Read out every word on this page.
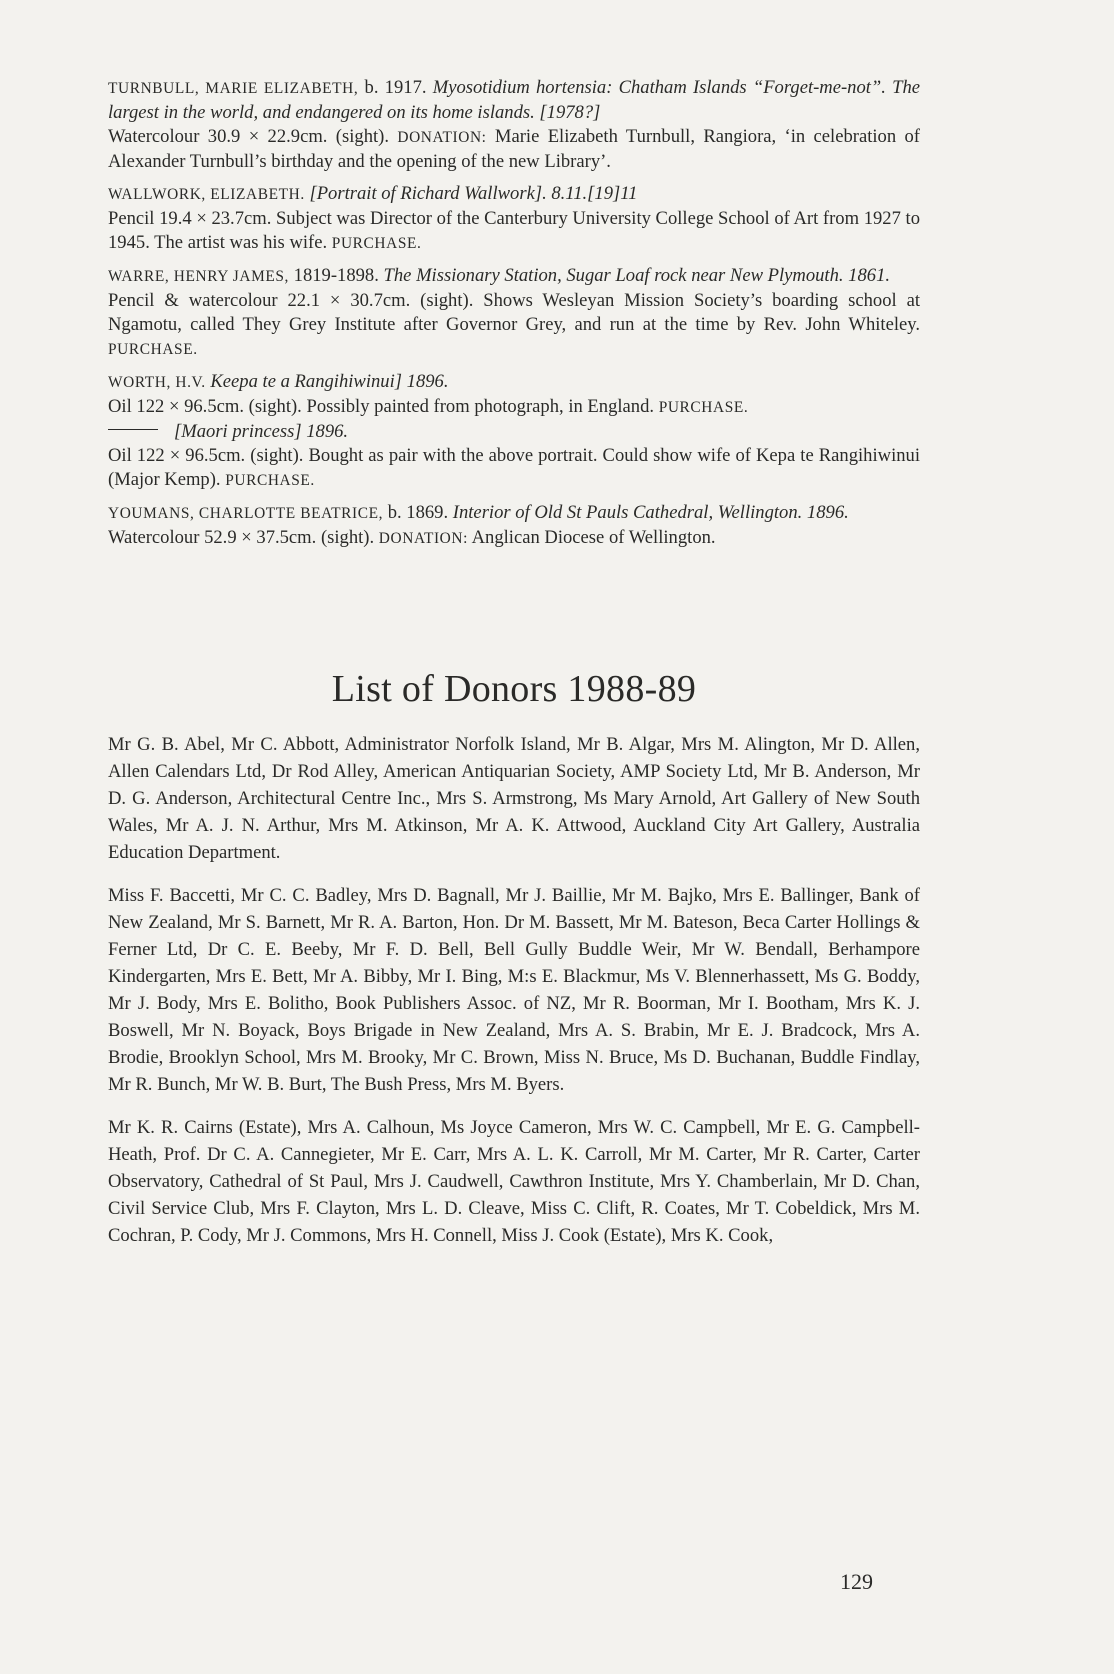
TURNBULL, MARIE ELIZABETH, b. 1917. Myosotidium hortensia: Chatham Islands “Forget-me-not”. The largest in the world, and endangered on its home islands. [1978?]

Watercolour 30.9 × 22.9cm. (sight). DONATION: Marie Elizabeth Turnbull, Rangiora, ‘in celebration of Alexander Turnbull’s birthday and the opening of the new Library’.

WALLWORK, ELIZABETH. [Portrait of Richard Wallwork]. 8.11.[19]11

Pencil 19.4 × 23.7cm. Subject was Director of the Canterbury University College School of Art from 1927 to 1945. The artist was his wife. PURCHASE.

WARRE, HENRY JAMES, 1819-1898. The Missionary Station, Sugar Loaf rock near New Plymouth. 1861.

Pencil & watercolour 22.1 × 30.7cm. (sight). Shows Wesleyan Mission Society’s boarding school at Ngamotu, called They Grey Institute after Governor Grey, and run at the time by Rev. John Whiteley. PURCHASE.

WORTH, H.V. Keepa te a Rangihiwinui] 1896.

Oil 122 × 96.5cm. (sight). Possibly painted from photograph, in England. PURCHASE.

[Maori princess] 1896.

Oil 122 × 96.5cm. (sight). Bought as pair with the above portrait. Could show wife of Kepa te Rangihiwinui (Major Kemp). PURCHASE.

YOUMANS, CHARLOTTE BEATRICE, b. 1869. Interior of Old St Pauls Cathedral, Wellington. 1896.

Watercolour 52.9 × 37.5cm. (sight). DONATION: Anglican Diocese of Wellington.

List of Donors 1988-89

Mr G. B. Abel, Mr C. Abbott, Administrator Norfolk Island, Mr B. Algar, Mrs M. Alington, Mr D. Allen, Allen Calendars Ltd, Dr Rod Alley, American Antiquarian Society, AMP Society Ltd, Mr B. Anderson, Mr D. G. Anderson, Architectural Centre Inc., Mrs S. Armstrong, Ms Mary Arnold, Art Gallery of New South Wales, Mr A. J. N. Arthur, Mrs M. Atkinson, Mr A. K. Attwood, Auckland City Art Gallery, Australia Education Department.

Miss F. Baccetti, Mr C. C. Badley, Mrs D. Bagnall, Mr J. Baillie, Mr M. Bajko, Mrs E. Ballinger, Bank of New Zealand, Mr S. Barnett, Mr R. A. Barton, Hon. Dr M. Bassett, Mr M. Bateson, Beca Carter Hollings & Ferner Ltd, Dr C. E. Beeby, Mr F. D. Bell, Bell Gully Buddle Weir, Mr W. Bendall, Berhampore Kindergarten, Mrs E. Bett, Mr A. Bibby, Mr I. Bing, M:s E. Blackmur, Ms V. Blennerhassett, Ms G. Boddy, Mr J. Body, Mrs E. Bolitho, Book Publishers Assoc. of NZ, Mr R. Boorman, Mr I. Bootham, Mrs K. J. Boswell, Mr N. Boyack, Boys Brigade in New Zealand, Mrs A. S. Brabin, Mr E. J. Bradcock, Mrs A. Brodie, Brooklyn School, Mrs M. Brooky, Mr C. Brown, Miss N. Bruce, Ms D. Buchanan, Buddle Findlay, Mr R. Bunch, Mr W. B. Burt, The Bush Press, Mrs M. Byers.

Mr K. R. Cairns (Estate), Mrs A. Calhoun, Ms Joyce Cameron, Mrs W. C. Campbell, Mr E. G. Campbell-Heath, Prof. Dr C. A. Cannegieter, Mr E. Carr, Mrs A. L. K. Carroll, Mr M. Carter, Mr R. Carter, Carter Observatory, Cathedral of St Paul, Mrs J. Caudwell, Cawthron Institute, Mrs Y. Chamberlain, Mr D. Chan, Civil Service Club, Mrs F. Clayton, Mrs L. D. Cleave, Miss C. Clift, R. Coates, Mr T. Cobeldick, Mrs M. Cochran, P. Cody, Mr J. Commons, Mrs H. Connell, Miss J. Cook (Estate), Mrs K. Cook,

129
